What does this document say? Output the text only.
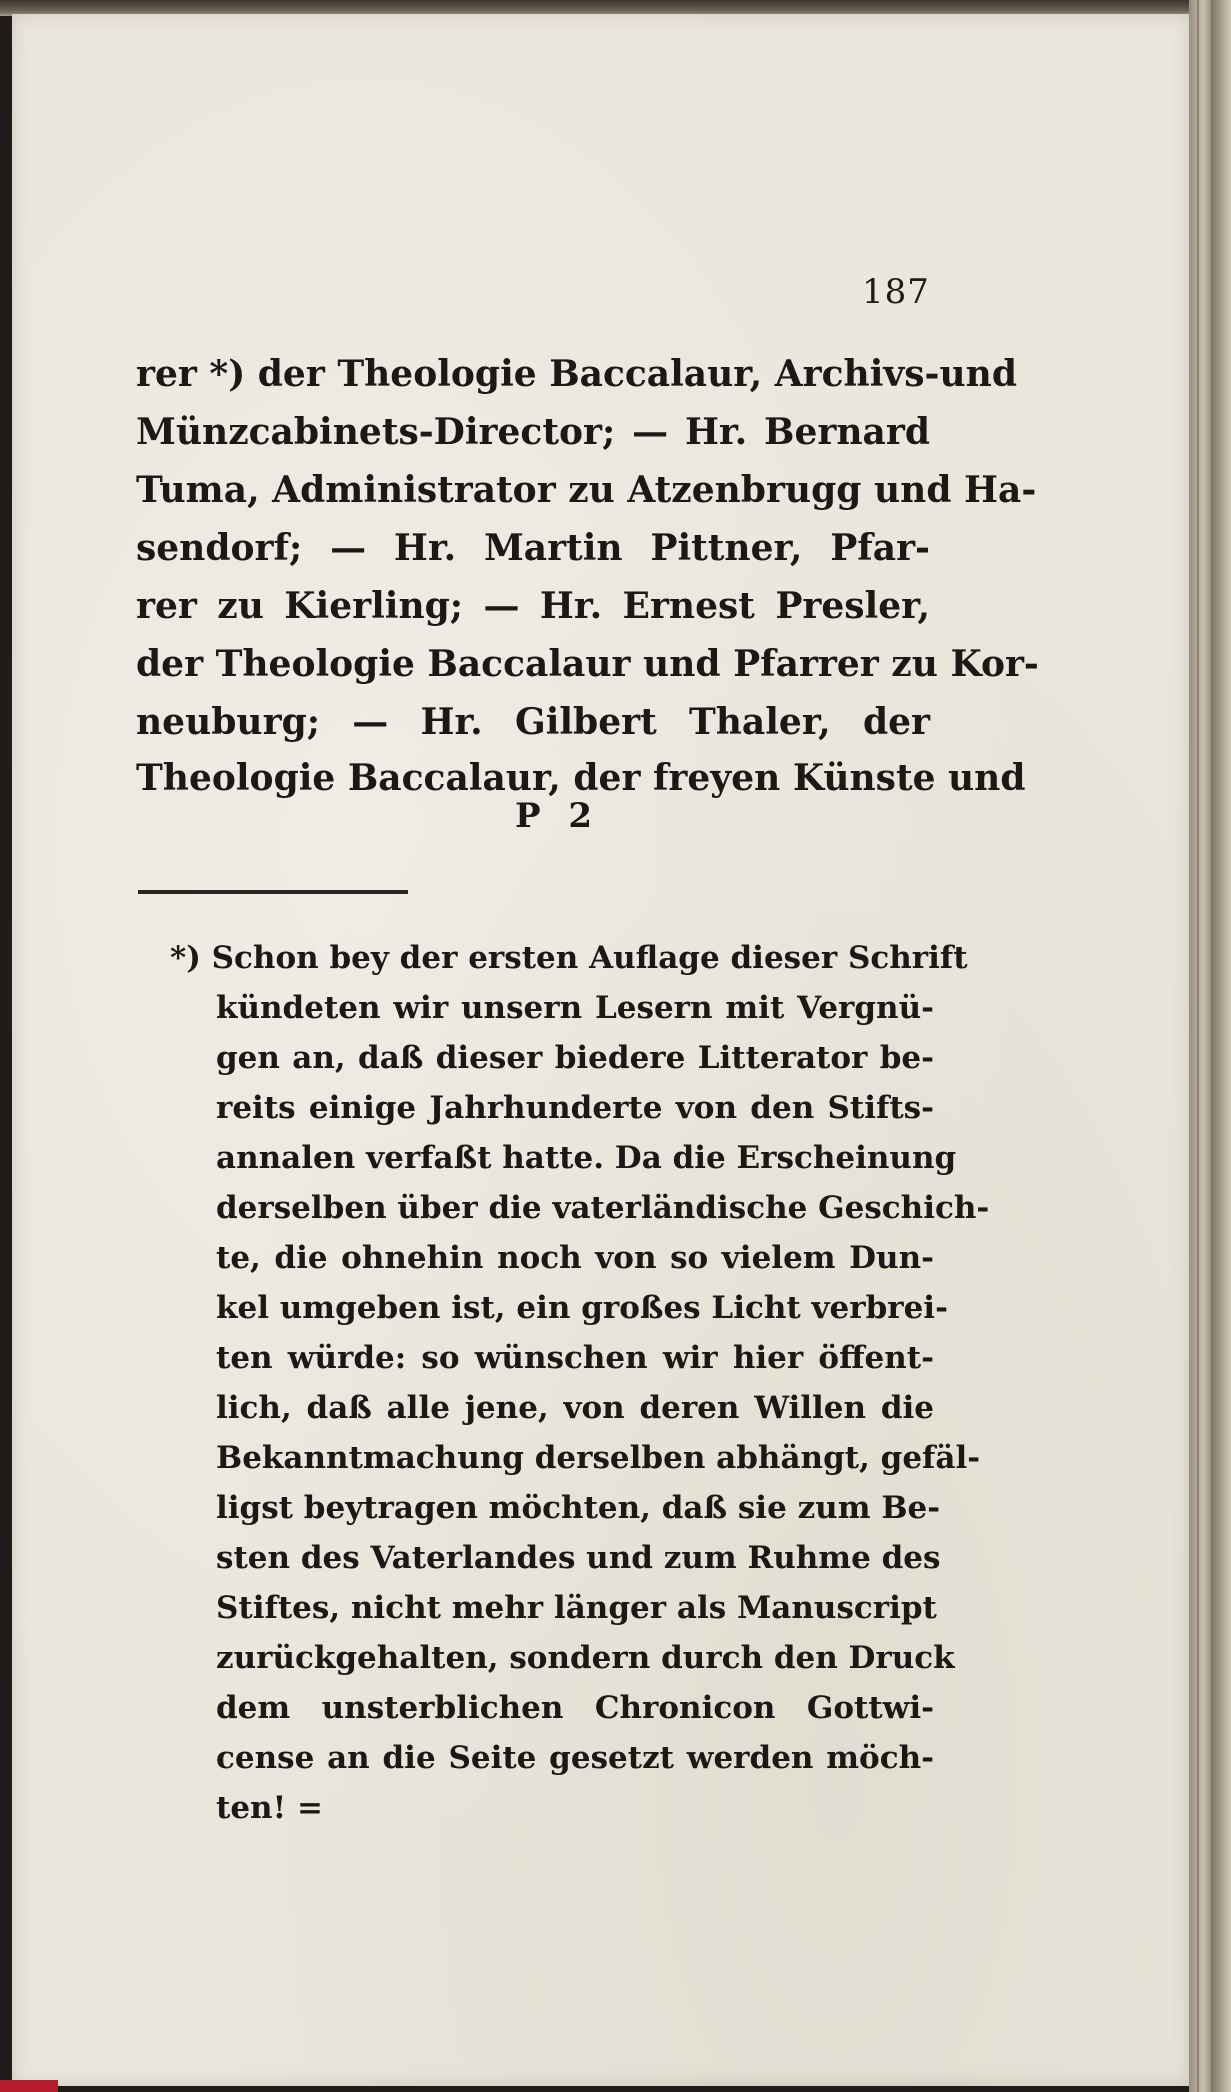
187
rer *) der Theologie Baccalaur, Archivs-und
Münzcabinets-Director; — Hr. Bernard
Tuma, Administrator zu Atzenbrugg und Ha-
sendorf; — Hr. Martin Pittner, Pfar-
rer zu Kierling; — Hr. Ernest Presler,
der Theologie Baccalaur und Pfarrer zu Kor-
neuburg; — Hr. Gilbert Thaler, der
Theologie Baccalaur, der freyen Künste und
P 2
*) Schon bey der ersten Auflage dieser Schrift
kündeten wir unsern Lesern mit Vergnü-
gen an, daß dieser biedere Litterator be-
reits einige Jahrhunderte von den Stifts-
annalen verfaßt hatte. Da die Erscheinung
derselben über die vaterländische Geschich-
te, die ohnehin noch von so vielem Dun-
kel umgeben ist, ein großes Licht verbrei-
ten würde: so wünschen wir hier öffent-
lich, daß alle jene, von deren Willen die
Bekanntmachung derselben abhängt, gefäl-
ligst beytragen möchten, daß sie zum Be-
sten des Vaterlandes und zum Ruhme des
Stiftes, nicht mehr länger als Manuscript
zurückgehalten, sondern durch den Druck
dem unsterblichen Chronicon Gottwi-
cense an die Seite gesetzt werden möch-
ten! =
